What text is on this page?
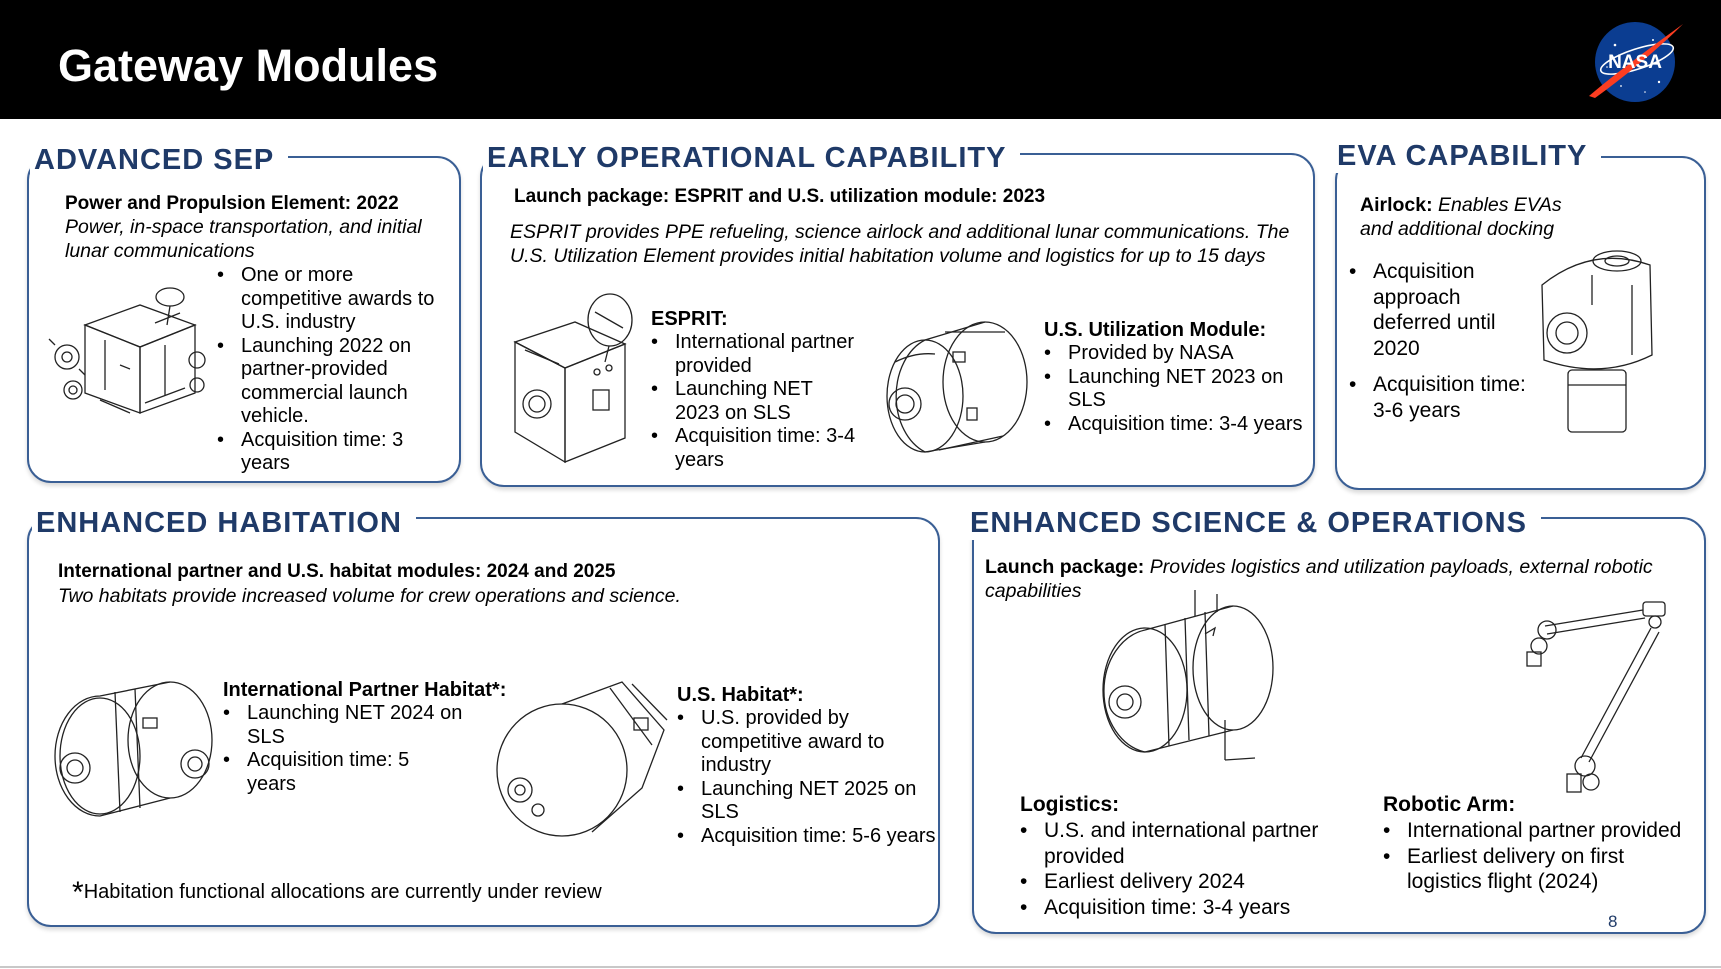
Gateway Modules	NASA
ADVANCED SEP
Power and Propulsion Element: 2022
Power, in-space transportation, and initial lunar communications
• One or more competitive awards to U.S. industry
• Launching 2022 on partner-provided commercial launch vehicle.
• Acquisition time: 3 years
EARLY OPERATIONAL CAPABILITY
Launch package: ESPRIT and U.S. utilization module: 2023
ESPRIT provides PPE refueling, science airlock and additional lunar communications. The U.S. Utilization Element provides initial habitation volume and logistics for up to 15 days
ESPRIT:
• International partner provided
• Launching NET 2023 on SLS
• Acquisition time: 3-4 years
U.S. Utilization Module:
• Provided by NASA
• Launching NET 2023 on SLS
• Acquisition time: 3-4 years
EVA CAPABILITY
Airlock: Enables EVAs and additional docking
• Acquisition approach deferred until 2020
• Acquisition time: 3-6 years
ENHANCED HABITATION
International partner and U.S. habitat modules: 2024 and 2025
Two habitats provide increased volume for crew operations and science.
International Partner Habitat*:
• Launching NET 2024 on SLS
• Acquisition time: 5 years
U.S. Habitat*:
• U.S. provided by competitive award to industry
• Launching NET 2025 on SLS
• Acquisition time: 5-6 years
*Habitation functional allocations are currently under review
ENHANCED SCIENCE & OPERATIONS
Launch package: Provides logistics and utilization payloads, external robotic capabilities
Logistics:
• U.S. and international partner provided
• Earliest delivery 2024
• Acquisition time: 3-4 years
Robotic Arm:
• International partner provided
• Earliest delivery on first logistics flight (2024)
8
